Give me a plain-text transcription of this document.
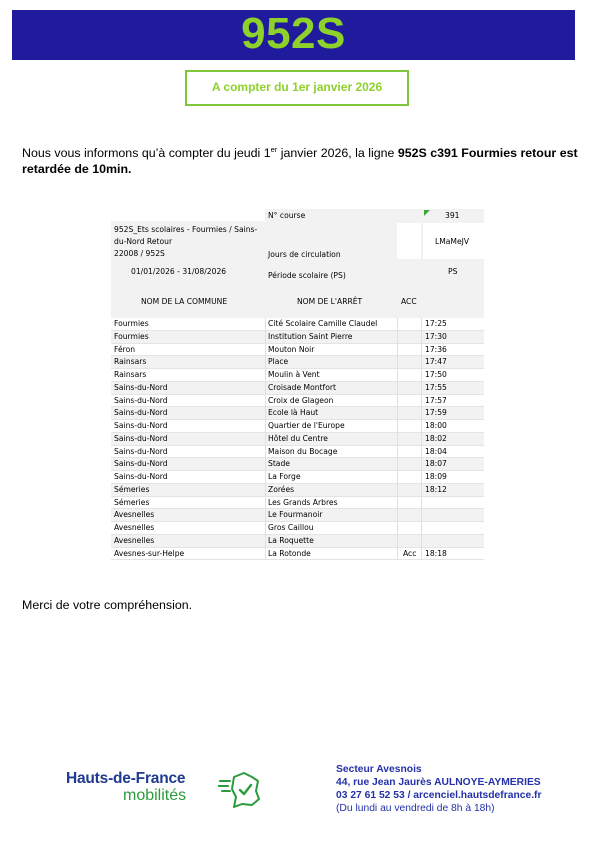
952S
A compter du 1er janvier 2026
Nous vous informons qu’à compter du jeudi 1er janvier 2026, la ligne 952S c391 Fourmies retour est retardée de 10min.
N° course	391
952S_Ets scolaires - Fourmies / Sains-
du-Nord Retour
22008 / 952S	Jours de circulation
LMaMeJV
01/01/2026 - 31/08/2026	Période scolaire (PS)	PS
NOM DE LA COMMUNE	NOM DE L'ARRÊT	ACC
Fourmies	Cité Scolaire Camille Claudel	17:25
Fourmies	Institution Saint Pierre	17:30
Féron	Mouton Noir	17:36
Rainsars	Place	17:47
Rainsars	Moulin à Vent	17:50
Sains-du-Nord	Croisade Montfort	17:55
Sains-du-Nord	Croix de Glageon	17:57
Sains-du-Nord	Ecole là Haut	17:59
Sains-du-Nord	Quartier de l'Europe	18:00
Sains-du-Nord	Hôtel du Centre	18:02
Sains-du-Nord	Maison du Bocage	18:04
Sains-du-Nord	Stade	18:07
Sains-du-Nord	La Forge	18:09
Sémeries	Zorées	18:12
Sémeries	Les Grands Arbres
Avesnelles	Le Fourmanoir
Avesnelles	Gros Caillou
Avesnelles	La Roquette
Avesnes-sur-Helpe	La Rotonde	Acc 18:18
Merci de votre compréhension.
Hauts-de-France
mobilités
Secteur Avesnois
44, rue Jean Jaurès AULNOYE-AYMERIES
03 27 61 52 53 / arcenciel.hautsdefrance.fr
(Du lundi au vendredi de 8h à 18h)
